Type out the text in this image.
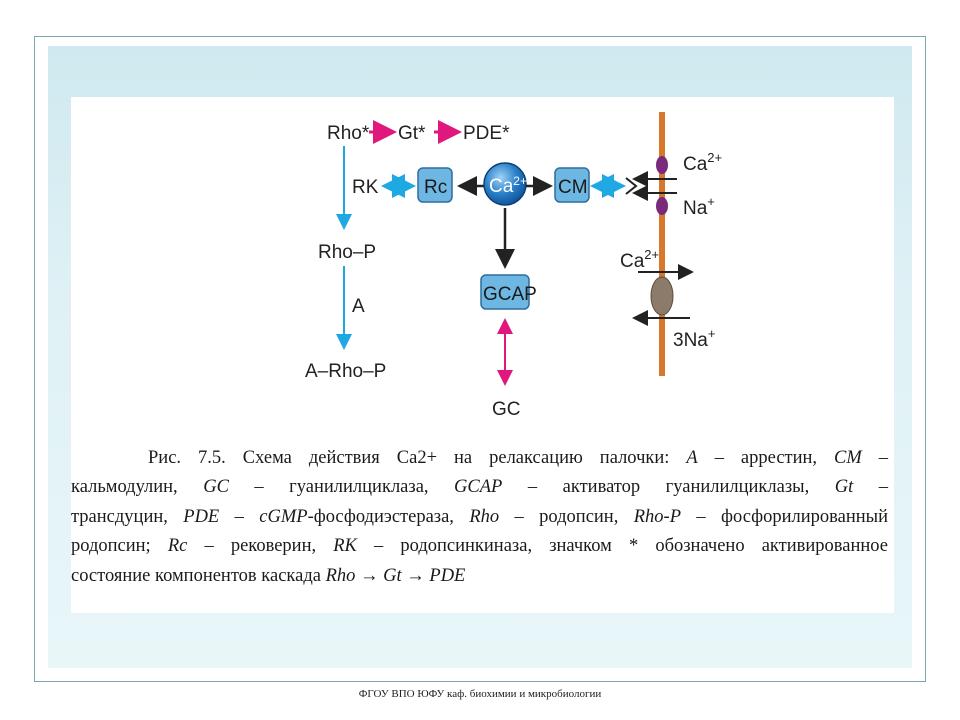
Rho* Gt* PDE*
RK
Rho–P
A
A–Rho–P
Rc $Ca^{2+}$ CM
GCAP
GC
$Ca^{2+}$
Na+
$Ca^{2+}$
3Na+

Рис. 7.5. Схема действия Ca2+ на релаксацию палочки: A – аррестин, CM –

кальмодулин, GC – гуанилилциклаза, GCAP – активатор гуанилилциклазы, Gt –
трансдуцин, PDE – cGMP-фосфодиэстераза, Rho – родопсин, Rho-P – фосфорилированный
родопсин; Rc – рековерин, RK – родопсинкиназа, значком * обозначено активированное
состояние компонентов каскада Rho → Gt → PDE

ФГОУ ВПО ЮФУ каф. биохимии и микробиологии
